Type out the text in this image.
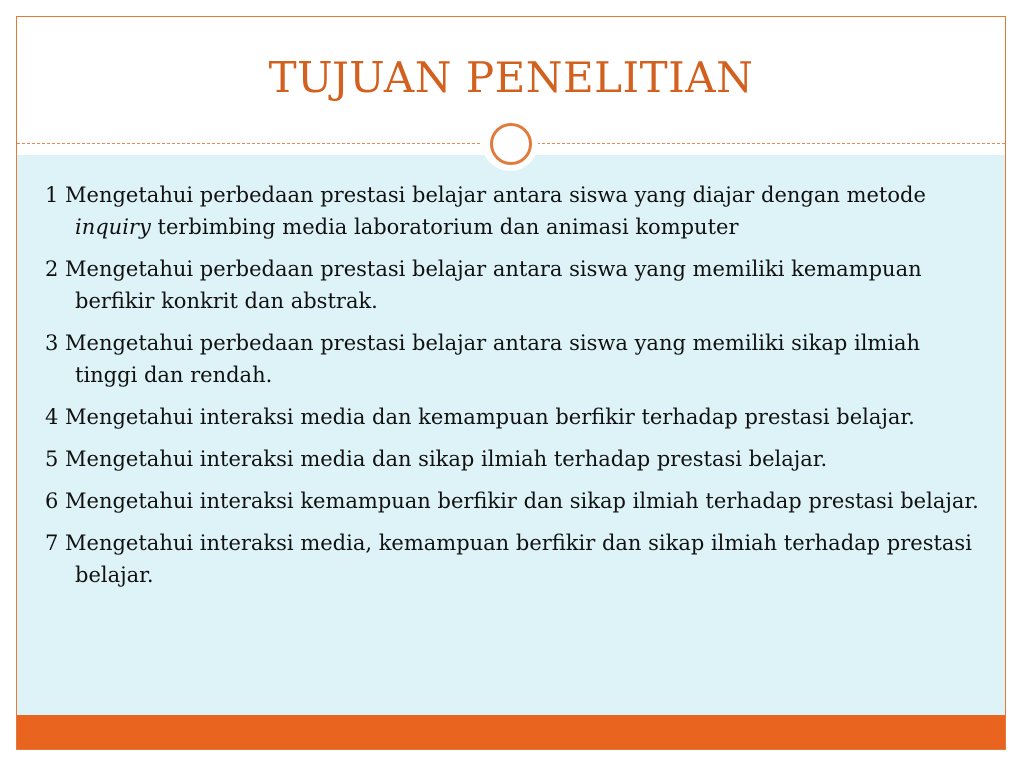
TUJUAN PENELITIAN
1 Mengetahui perbedaan prestasi belajar antara siswa yang diajar dengan metode inquiry terbimbing media laboratorium dan animasi komputer
2 Mengetahui perbedaan prestasi belajar antara siswa yang memiliki kemampuan berfikir konkrit dan abstrak.
3 Mengetahui perbedaan prestasi belajar antara siswa yang memiliki sikap ilmiah tinggi dan rendah.
4 Mengetahui interaksi media dan kemampuan berfikir terhadap prestasi belajar.
5 Mengetahui interaksi media dan sikap ilmiah terhadap prestasi belajar.
6 Mengetahui interaksi kemampuan berfikir dan sikap ilmiah terhadap prestasi belajar.
7 Mengetahui interaksi media, kemampuan berfikir dan sikap ilmiah terhadap prestasi belajar.
